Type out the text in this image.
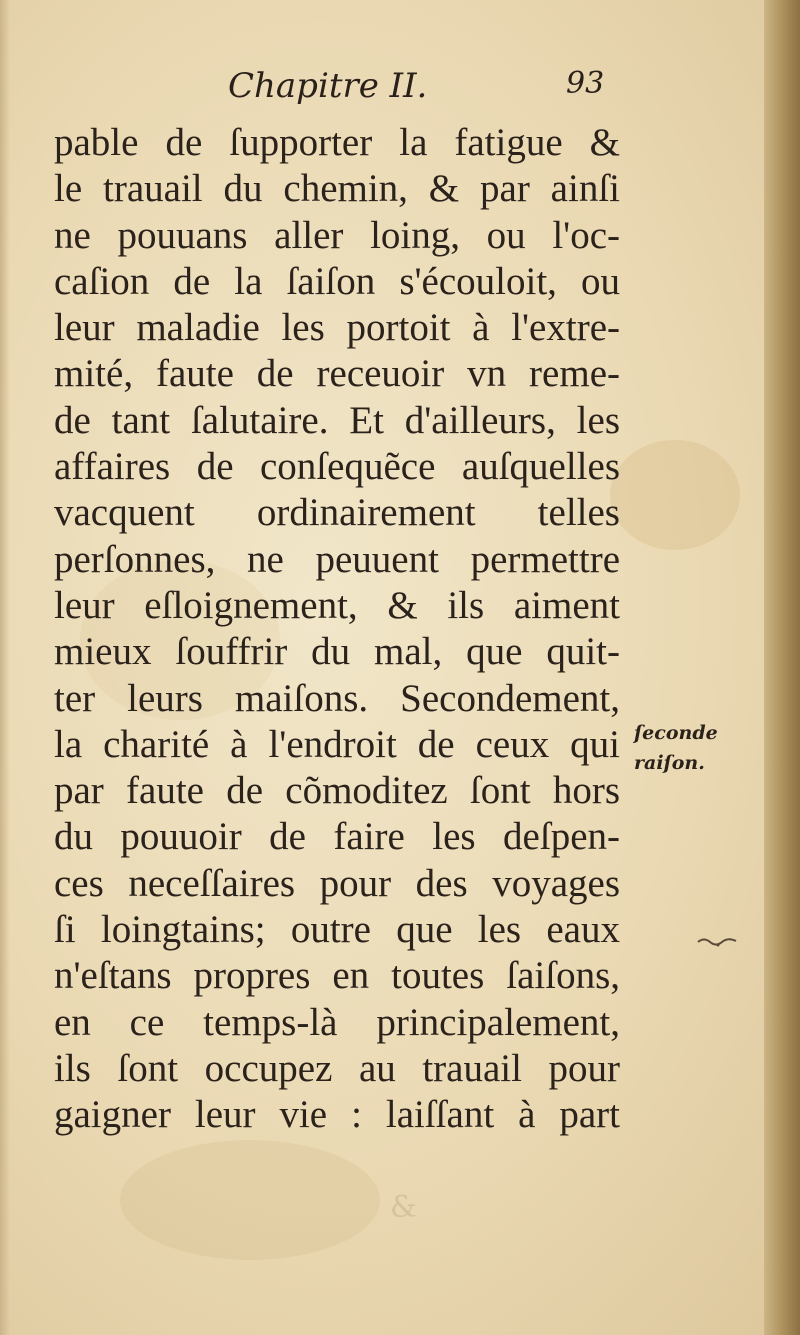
&
Chapitre II.	93
pable de ſupporter la fatigue &
le trauail du chemin, & par ainſi
ne pouuans aller loing, ou l'oc-
caſion de la ſaiſon s'écouloit, ou
leur maladie les portoit à l'extre-
mité, faute de receuoir vn reme-
de tant ſalutaire. Et d'ailleurs, les
affaires de conſequẽce auſquelles
vacquent ordinairement telles
perſonnes, ne peuuent permettre
leur eſloignement, & ils aiment
mieux ſouffrir du mal, que quit-
ter leurs maiſons. Secondement,
la charité à l'endroit de ceux qui
par faute de cõmoditez ſont hors
du pouuoir de faire les deſpen-
ces neceſſaires pour des voyages
ſi loingtains; outre que les eaux
n'eſtans propres en toutes ſaiſons,
en ce temps-là principalement,
ils ſont occupez au trauail pour
gaigner leur vie : laiſſant à part
ſeconde
raiſon.
